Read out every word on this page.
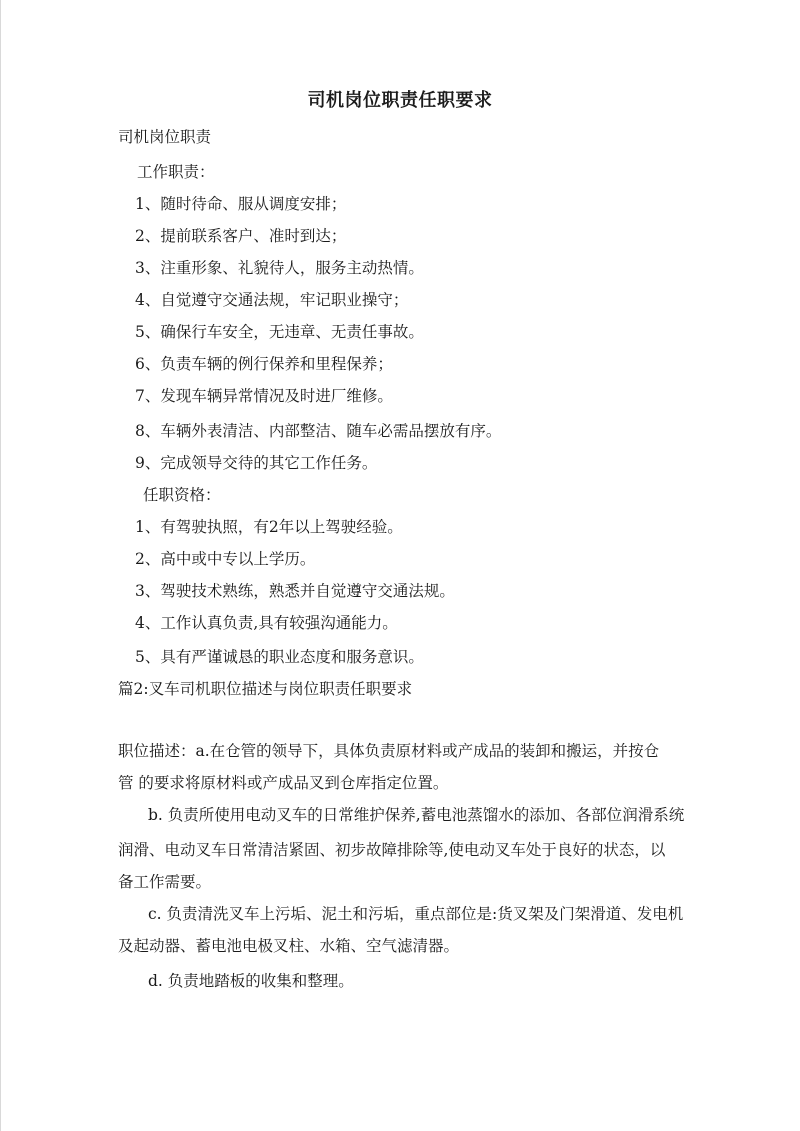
司机岗位职责任职要求
司机岗位职责
工作职责：
1、随时待命、服从调度安排；
2、提前联系客户、准时到达；
3、注重形象、礼貌待人，服务主动热情。
4、自觉遵守交通法规，牢记职业操守；
5、确保行车安全，无违章、无责任事故。
6、负责车辆的例行保养和里程保养；
7、发现车辆异常情况及时进厂维修。
8、车辆外表清洁、内部整洁、随车必需品摆放有序。
9、完成领导交待的其它工作任务。
任职资格：
1、有驾驶执照，有2年以上驾驶经验。
2、高中或中专以上学历。
3、驾驶技术熟练，熟悉并自觉遵守交通法规。
4、工作认真负责,具有较强沟通能力。
5、具有严谨诚恳的职业态度和服务意识。
篇2:叉车司机职位描述与岗位职责任职要求
职位描述：a.在仓管的领导下，具体负责原材料或产成品的装卸和搬运，并按仓
管 的要求将原材料或产成品叉到仓库指定位置。
b. 负责所使用电动叉车的日常维护保养,蓄电池蒸馏水的添加、各部位润滑系统
润滑、电动叉车日常清洁紧固、初步故障排除等,使电动叉车处于良好的状态，以
备工作需要。
c. 负责清洗叉车上污垢、泥土和污垢，重点部位是:货叉架及门架滑道、发电机
及起动器、蓄电池电极叉柱、水箱、空气滤清器。
d. 负责地踏板的收集和整理。
